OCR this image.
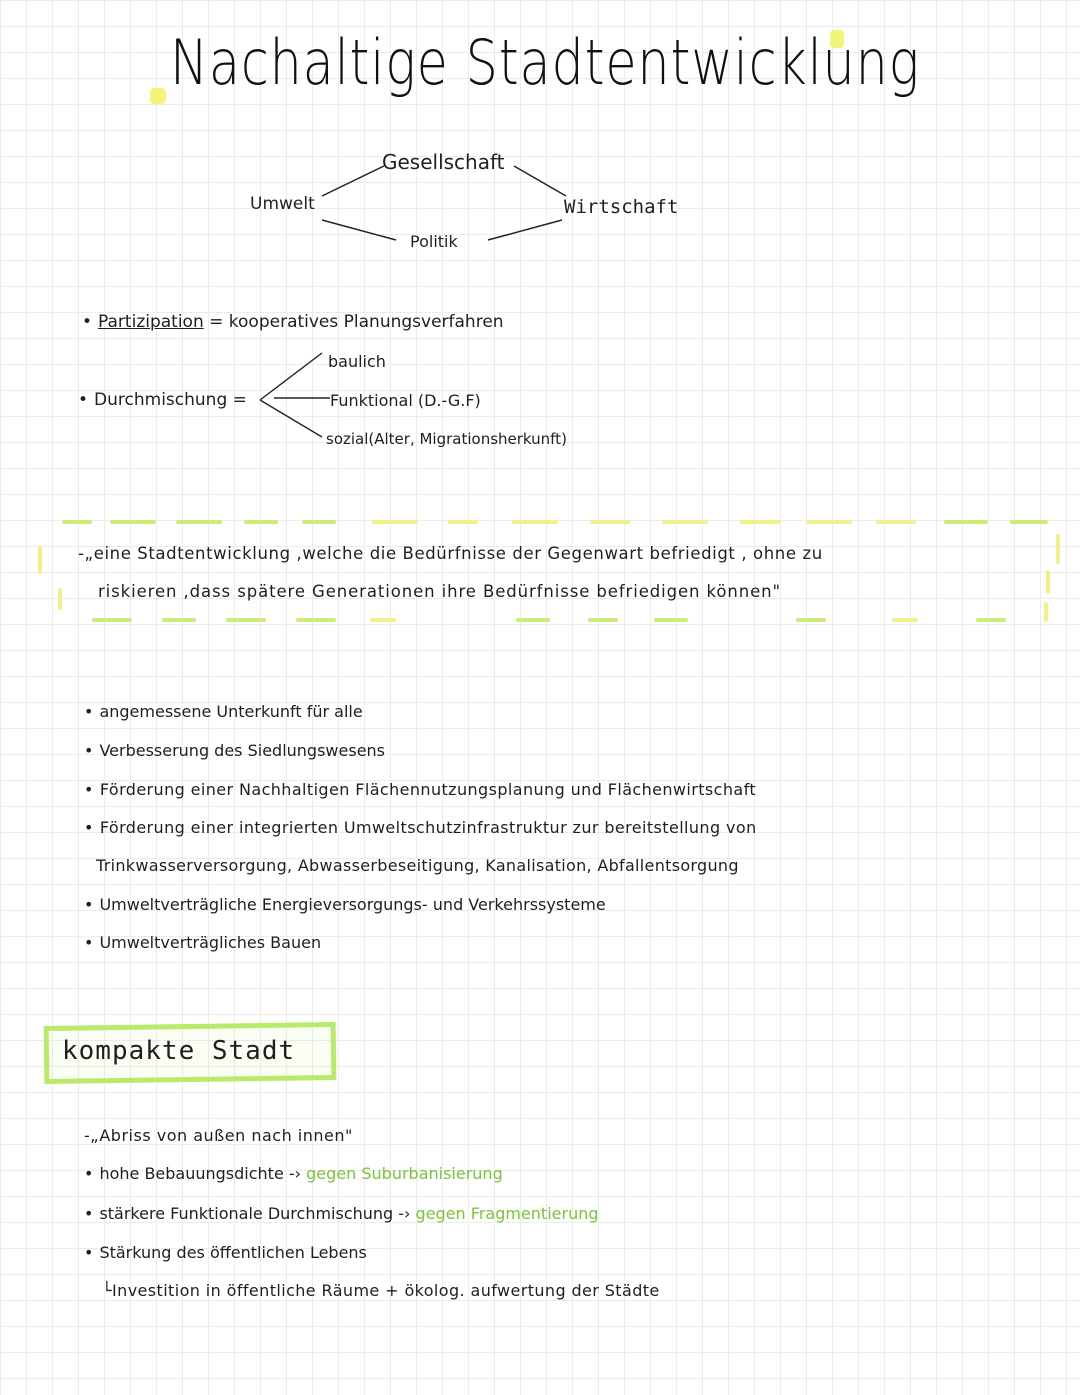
Nachaltige Stadtentwicklung
Gesellschaft
Umwelt	Wirtschaft
Politik
• Partizipation = kooperatives Planungsverfahren
• Durchmischung =
baulich
Funktional (D.-G.F)
sozial(Alter, Migrationsherkunft)
-„eine Stadtentwicklung ,welche die Bedürfnisse der Gegenwart befriedigt , ohne zu
riskieren ,dass spätere Generationen ihre Bedürfnisse befriedigen können"
• angemessene Unterkunft für alle
• Verbesserung des Siedlungswesens
• Förderung einer Nachhaltigen Flächennutzungsplanung und Flächenwirtschaft
• Förderung einer integrierten Umweltschutzinfrastruktur zur bereitstellung von
Trinkwasserversorgung, Abwasserbeseitigung, Kanalisation, Abfallentsorgung
• Umweltverträgliche Energieversorgungs- und Verkehrssysteme
• Umweltverträgliches Bauen
kompakte Stadt
-„Abriss von außen nach innen"
• hohe Bebauungsdichte -› gegen Suburbanisierung
• stärkere Funktionale Durchmischung -› gegen Fragmentierung
• Stärkung des öffentlichen Lebens
└Investition in öffentliche Räume + ökolog. aufwertung der Städte
